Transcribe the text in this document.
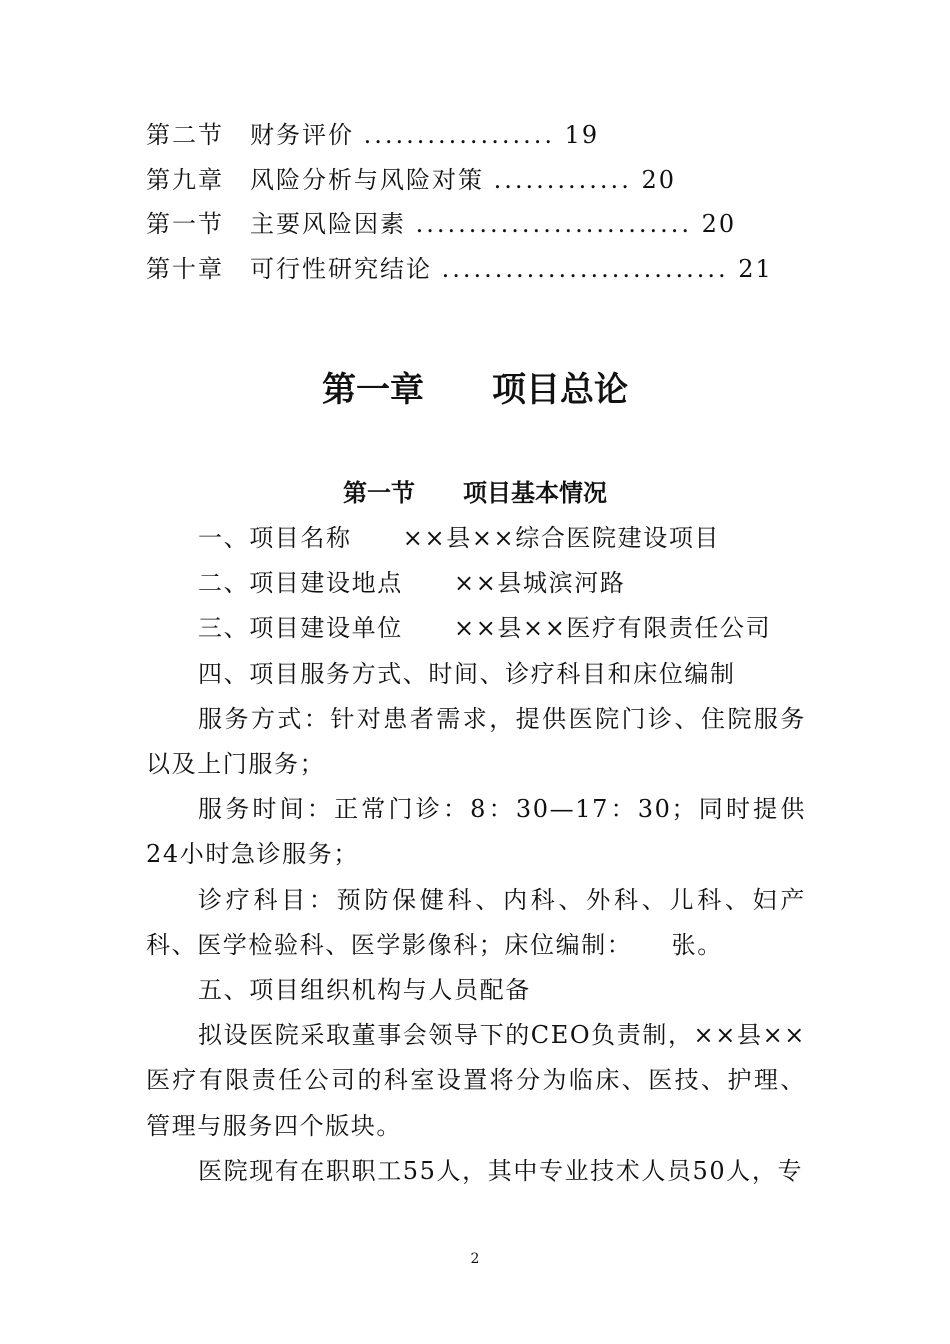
第二节　财务评价 .................. 19
第九章　风险分析与风险对策 ............. 20
第一节　主要风险因素 .......................... 20
第十章　可行性研究结论 ........................... 21
第一章　　项目总论
第一节　　项目基本情况

一、项目名称　　××县××综合医院建设项目

二、项目建设地点　　××县城滨河路

三、项目建设单位　　××县××医疗有限责任公司

四、项目服务方式、时间、诊疗科目和床位编制

服务方式：针对患者需求，提供医院门诊、住院服务以及上门服务；

服务时间：正常门诊：8：30—17：30；同时提供24小时急诊服务；

诊疗科目：预防保健科、内科、外科、儿科、妇产科、医学检验科、医学影像科；床位编制：　　张。

五、项目组织机构与人员配备

拟设医院采取董事会领导下的CEO负责制，××县××医疗有限责任公司的科室设置将分为临床、医技、护理、管理与服务四个版块。

医院现有在职职工55人，其中专业技术人员50人，专

2
